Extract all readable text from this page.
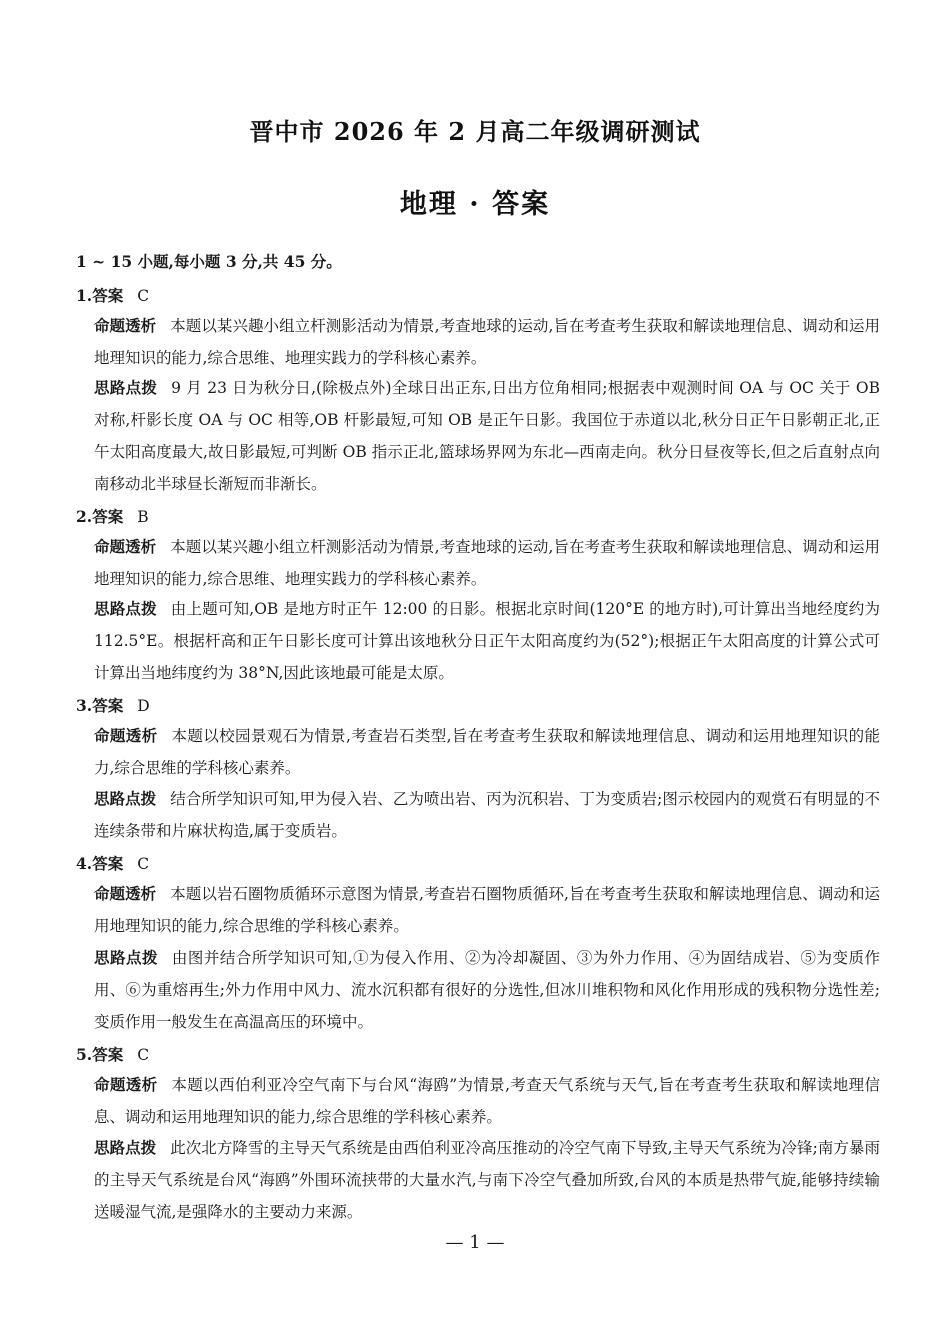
晋中市 2026 年 2 月高二年级调研测试
地理 · 答案
1 ~ 15 小题,每小题 3 分,共 45 分。
1.答案 C
命题透析 本题以某兴趣小组立杆测影活动为情景,考查地球的运动,旨在考查考生获取和解读地理信息、调动和运用地理知识的能力,综合思维、地理实践力的学科核心素养。
思路点拨 9 月 23 日为秋分日,(除极点外)全球日出正东,日出方位角相同;根据表中观测时间 OA 与 OC 关于 OB 对称,杆影长度 OA 与 OC 相等,OB 杆影最短,可知 OB 是正午日影。我国位于赤道以北,秋分日正午日影朝正北,正午太阳高度最大,故日影最短,可判断 OB 指示正北,篮球场界网为东北—西南走向。秋分日昼夜等长,但之后直射点向南移动北半球昼长渐短而非渐长。
2.答案 B
命题透析 本题以某兴趣小组立杆测影活动为情景,考查地球的运动,旨在考查考生获取和解读地理信息、调动和运用地理知识的能力,综合思维、地理实践力的学科核心素养。
思路点拨 由上题可知,OB 是地方时正午 12:00 的日影。根据北京时间(120°E 的地方时),可计算出当地经度约为 112.5°E。根据杆高和正午日影长度可计算出该地秋分日正午太阳高度约为(52°);根据正午太阳高度的计算公式可计算出当地纬度约为 38°N,因此该地最可能是太原。
3.答案 D
命题透析 本题以校园景观石为情景,考查岩石类型,旨在考查考生获取和解读地理信息、调动和运用地理知识的能力,综合思维的学科核心素养。
思路点拨 结合所学知识可知,甲为侵入岩、乙为喷出岩、丙为沉积岩、丁为变质岩;图示校园内的观赏石有明显的不连续条带和片麻状构造,属于变质岩。
4.答案 C
命题透析 本题以岩石圈物质循环示意图为情景,考查岩石圈物质循环,旨在考查考生获取和解读地理信息、调动和运用地理知识的能力,综合思维的学科核心素养。
思路点拨 由图并结合所学知识可知,①为侵入作用、②为冷却凝固、③为外力作用、④为固结成岩、⑤为变质作用、⑥为重熔再生;外力作用中风力、流水沉积都有很好的分选性,但冰川堆积物和风化作用形成的残积物分选性差;变质作用一般发生在高温高压的环境中。
5.答案 C
命题透析 本题以西伯利亚冷空气南下与台风“海鸥”为情景,考查天气系统与天气,旨在考查考生获取和解读地理信息、调动和运用地理知识的能力,综合思维的学科核心素养。
思路点拨 此次北方降雪的主导天气系统是由西伯利亚冷高压推动的冷空气南下导致,主导天气系统为冷锋;南方暴雨的主导天气系统是台风“海鸥”外围环流挟带的大量水汽,与南下冷空气叠加所致,台风的本质是热带气旋,能够持续输送暖湿气流,是强降水的主要动力来源。
— 1 —
